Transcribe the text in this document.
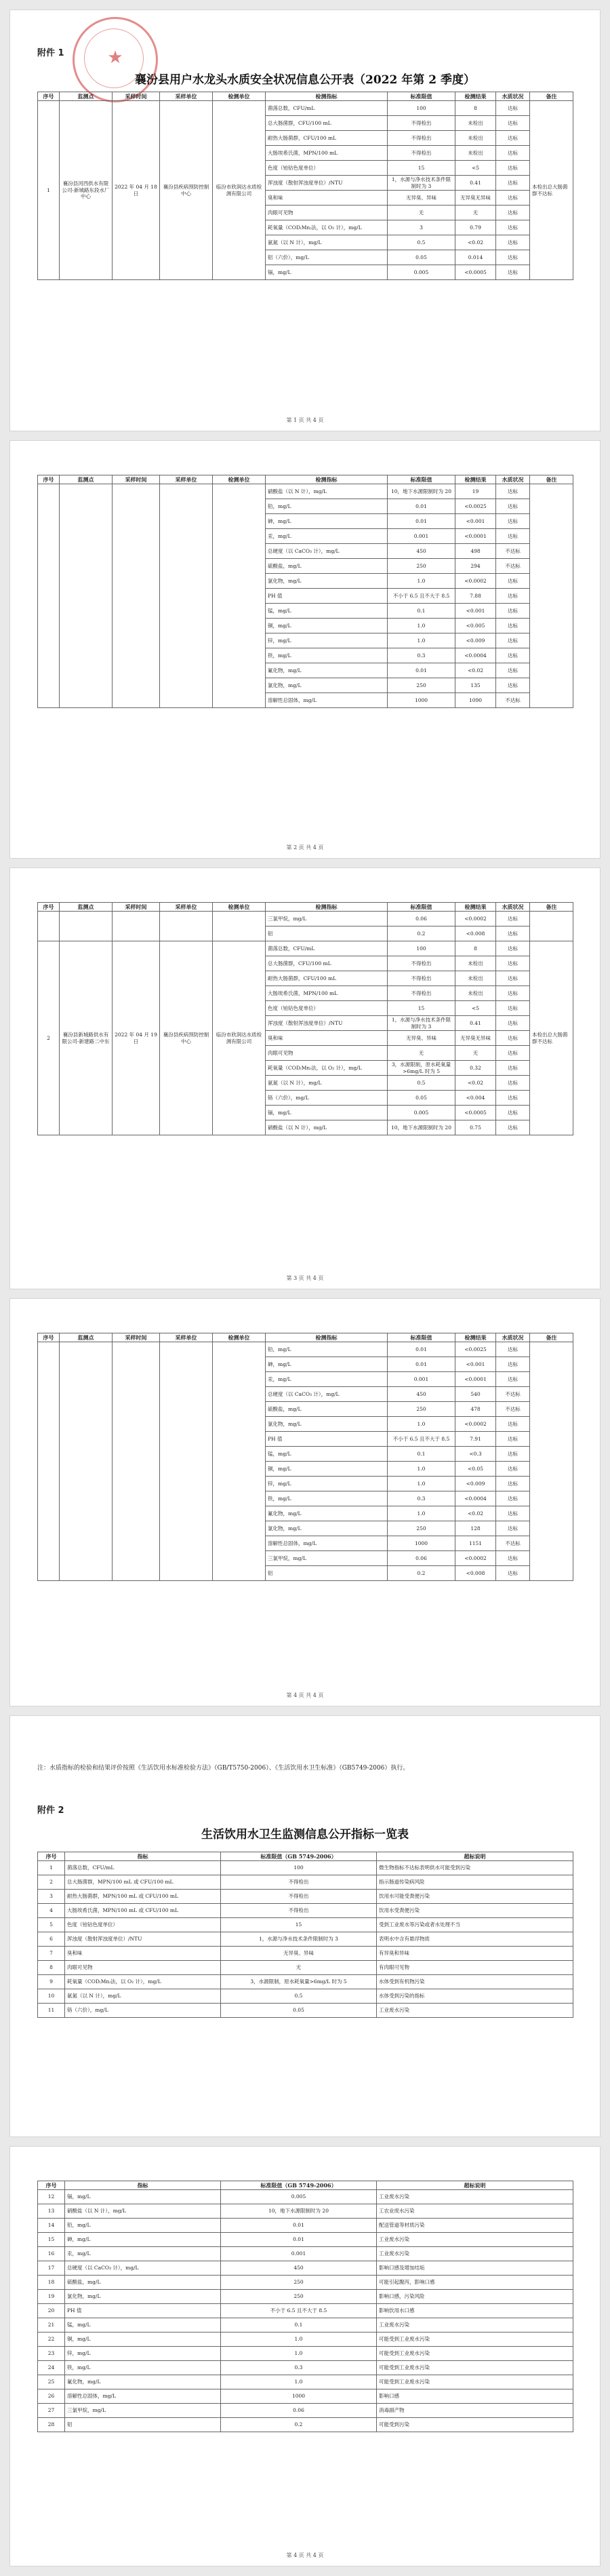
★
附件 1
襄汾县用户水龙头水质安全状况信息公开表（2022 年第 2 季度）
序号	监测点	采样时间	采样单位	检测单位	检测指标	标准限值	检测结果	水质状况	备注
1	襄汾县河西供水有限公司-新城路东段水厂中心	2022 年 04 月 18 日	襄汾县疾病预防控制中心	临汾市欣润达水质检测有限公司	菌落总数，CFU/mL	100	8	达标	本检出总大肠菌群不达标
					总大肠菌群，CFU/100 mL	不得检出	未检出	达标	
					耐热大肠菌群，CFU/100 mL	不得检出	未检出	达标	
					大肠埃希氏菌，MPN/100 mL	不得检出	未检出	达标	
					色度（铂钴色度单位）	15	<5	达标	
					浑浊度（散射浑浊度单位）/NTU	1，水源与净水技术条件限制时为 3	0.41	达标	
					臭和味	无异臭、异味	无异臭无异味	达标	
					肉眼可见物	无	无	达标	
					耗氧量（COD₍Mn₎法，以 O₂ 计），mg/L	3	0.79	达标	
					氨氮（以 N 计），mg/L	0.5	<0.02	达标	
					铝（六价），mg/L	0.05	0.014	达标	
					镉，mg/L	0.005	<0.0005	达标	
第 1 页 共 4 页
序号	监测点	采样时间	采样单位	检测单位	检测指标	标准限值	检测结果	水质状况	备注
					硝酸盐（以 N 计），mg/L	10，地下水源限制时为 20	19	达标	
					铅，mg/L	0.01	<0.0025	达标	
					砷，mg/L	0.01	<0.001	达标	
					汞，mg/L	0.001	<0.0001	达标	
					总硬度（以 CaCO₃ 计），mg/L	450	498	不达标	
					硫酸盐，mg/L	250	294	不达标	
					氯化物，mg/L	1.0	<0.0002	达标	
					PH 值	不小于 6.5 且不大于 8.5	7.88	达标	
					锰，mg/L	0.1	<0.001	达标	
					铜，mg/L	1.0	<0.005	达标	
					锌，mg/L	1.0	<0.009	达标	
					铁，mg/L	0.3	<0.0004	达标	
					氟化物，mg/L	0.01	<0.02	达标	
					氯化物，mg/L	250	135	达标	
					溶解性总固体，mg/L	1000	1090	不达标	
第 2 页 共 4 页
序号	监测点	采样时间	采样单位	检测单位	检测指标	标准限值	检测结果	水质状况	备注
					三氯甲烷，mg/L	0.06	<0.0002	达标	
					铝	0.2	<0.008	达标	
2	襄汾县新城路供水有限公司-新建路二中东	2022 年 04 月 19 日	襄汾县疾病预防控制中心	临汾市欣润达水质检测有限公司	菌落总数，CFU/mL	100	8	达标	本检出总大肠菌群不达标
					总大肠菌群，CFU/100 mL	不得检出	未检出	达标	
					耐热大肠菌群，CFU/100 mL	不得检出	未检出	达标	
					大肠埃希氏菌，MPN/100 mL	不得检出	未检出	达标	
					色度（铂钴色度单位）	15	<5	达标	
					浑浊度（散射浑浊度单位）/NTU	1，水源与净水技术条件限制时为 3	0.41	达标	
					臭和味	无异臭、异味	无异臭无异味	达标	
					肉眼可见物	无	无	达标	
					耗氧量（COD₍Mn₎法，以 O₂ 计），mg/L	3，水源限制，原水耗氧量>6mg/L 时为 5	0.32	达标	
					氨氮（以 N 计），mg/L	0.5	<0.02	达标	
					铬（六价），mg/L	0.05	<0.004	达标	
					镉，mg/L	0.005	<0.0005	达标	
					硝酸盐（以 N 计），mg/L	10，地下水源限制时为 20	0.75	达标	
第 3 页 共 4 页
序号	监测点	采样时间	采样单位	检测单位	检测指标	标准限值	检测结果	水质状况	备注
					铅，mg/L	0.01	<0.0025	达标	
					砷，mg/L	0.01	<0.001	达标	
					汞，mg/L	0.001	<0.0001	达标	
					总硬度（以 CaCO₃ 计），mg/L	450	540	不达标	
					硫酸盐，mg/L	250	478	不达标	
					氯化物，mg/L	1.0	<0.0002	达标	
					PH 值	不小于 6.5 且不大于 8.5	7.91	达标	
					锰，mg/L	0.1	<0.3	达标	
					铜，mg/L	1.0	<0.05	达标	
					锌，mg/L	1.0	<0.009	达标	
					铁，mg/L	0.3	<0.0004	达标	
					氟化物，mg/L	1.0	<0.02	达标	
					氯化物，mg/L	250	128	达标	
					溶解性总固体，mg/L	1000	1151	不达标	
					三氯甲烷，mg/L	0.06	<0.0002	达标	
					铝	0.2	<0.008	达标	
第 4 页 共 4 页
注：水质指标的检验和结果评价按照《生活饮用水标准检验方法》（GB/T5750-2006）、《生活饮用水卫生标准》（GB5749-2006）执行。
附件 2
生活饮用水卫生监测信息公开指标一览表
序号	指标	标准限值（GB 5749-2006）	超标说明
1	菌落总数，CFU/mL	100	微生物指标不达标表明供水可能受到污染
2	总大肠菌群，MPN/100 mL 或 CFU/100 mL	不得检出	指示肠道传染病风险
3	耐热大肠菌群，MPN/100 mL 或 CFU/100 mL	不得检出	饮用水可能受粪便污染
4	大肠埃希氏菌，MPN/100 mL 或 CFU/100 mL	不得检出	饮用水受粪便污染
5	色度（铂钴色度单位）	15	受到工业废水等污染或者水处理不当
6	浑浊度（散射浑浊度单位）/NTU	1，水源与净水技术条件限制时为 3	表明水中含有悬浮物质
7	臭和味	无异臭、异味	有异臭和异味
8	肉眼可见物	无	有肉眼可见物
9	耗氧量（COD₍Mn₎法，以 O₂ 计），mg/L	3，水源限制，原水耗氧量>6mg/L 时为 5	水体受到有机物污染
10	氨氮（以 N 计），mg/L	0.5	水体受到污染的指标
11	铬（六价），mg/L	0.05	工业废水污染
序号	指标	标准限值（GB 5749-2006）	超标说明
12	镉，mg/L	0.005	工业废水污染
13	硝酸盐（以 N 计），mg/L	10，地下水源限制时为 20	工农业废水污染
14	铅，mg/L	0.01	配送管道等材质污染
15	砷，mg/L	0.01	工业废水污染
16	汞，mg/L	0.001	工业废水污染
17	总硬度（以 CaCO₃ 计），mg/L	450	影响口感及增加结垢
18	硫酸盐，mg/L	250	可能引起腹泻，影响口感
19	氯化物，mg/L	250	影响口感，污染风险
20	PH 值	不小于 6.5 且不大于 8.5	影响饮用水口感
21	锰，mg/L	0.1	工业废水污染
22	铜，mg/L	1.0	可能受到工业废水污染
23	锌，mg/L	1.0	可能受到工业废水污染
24	铁，mg/L	0.3	可能受到工业废水污染
25	氟化物，mg/L	1.0	可能受到工业废水污染
26	溶解性总固体，mg/L	1000	影响口感
27	三氯甲烷，mg/L	0.06	消毒副产物
28	铝	0.2	可能受到污染
第 4 页 共 4 页
